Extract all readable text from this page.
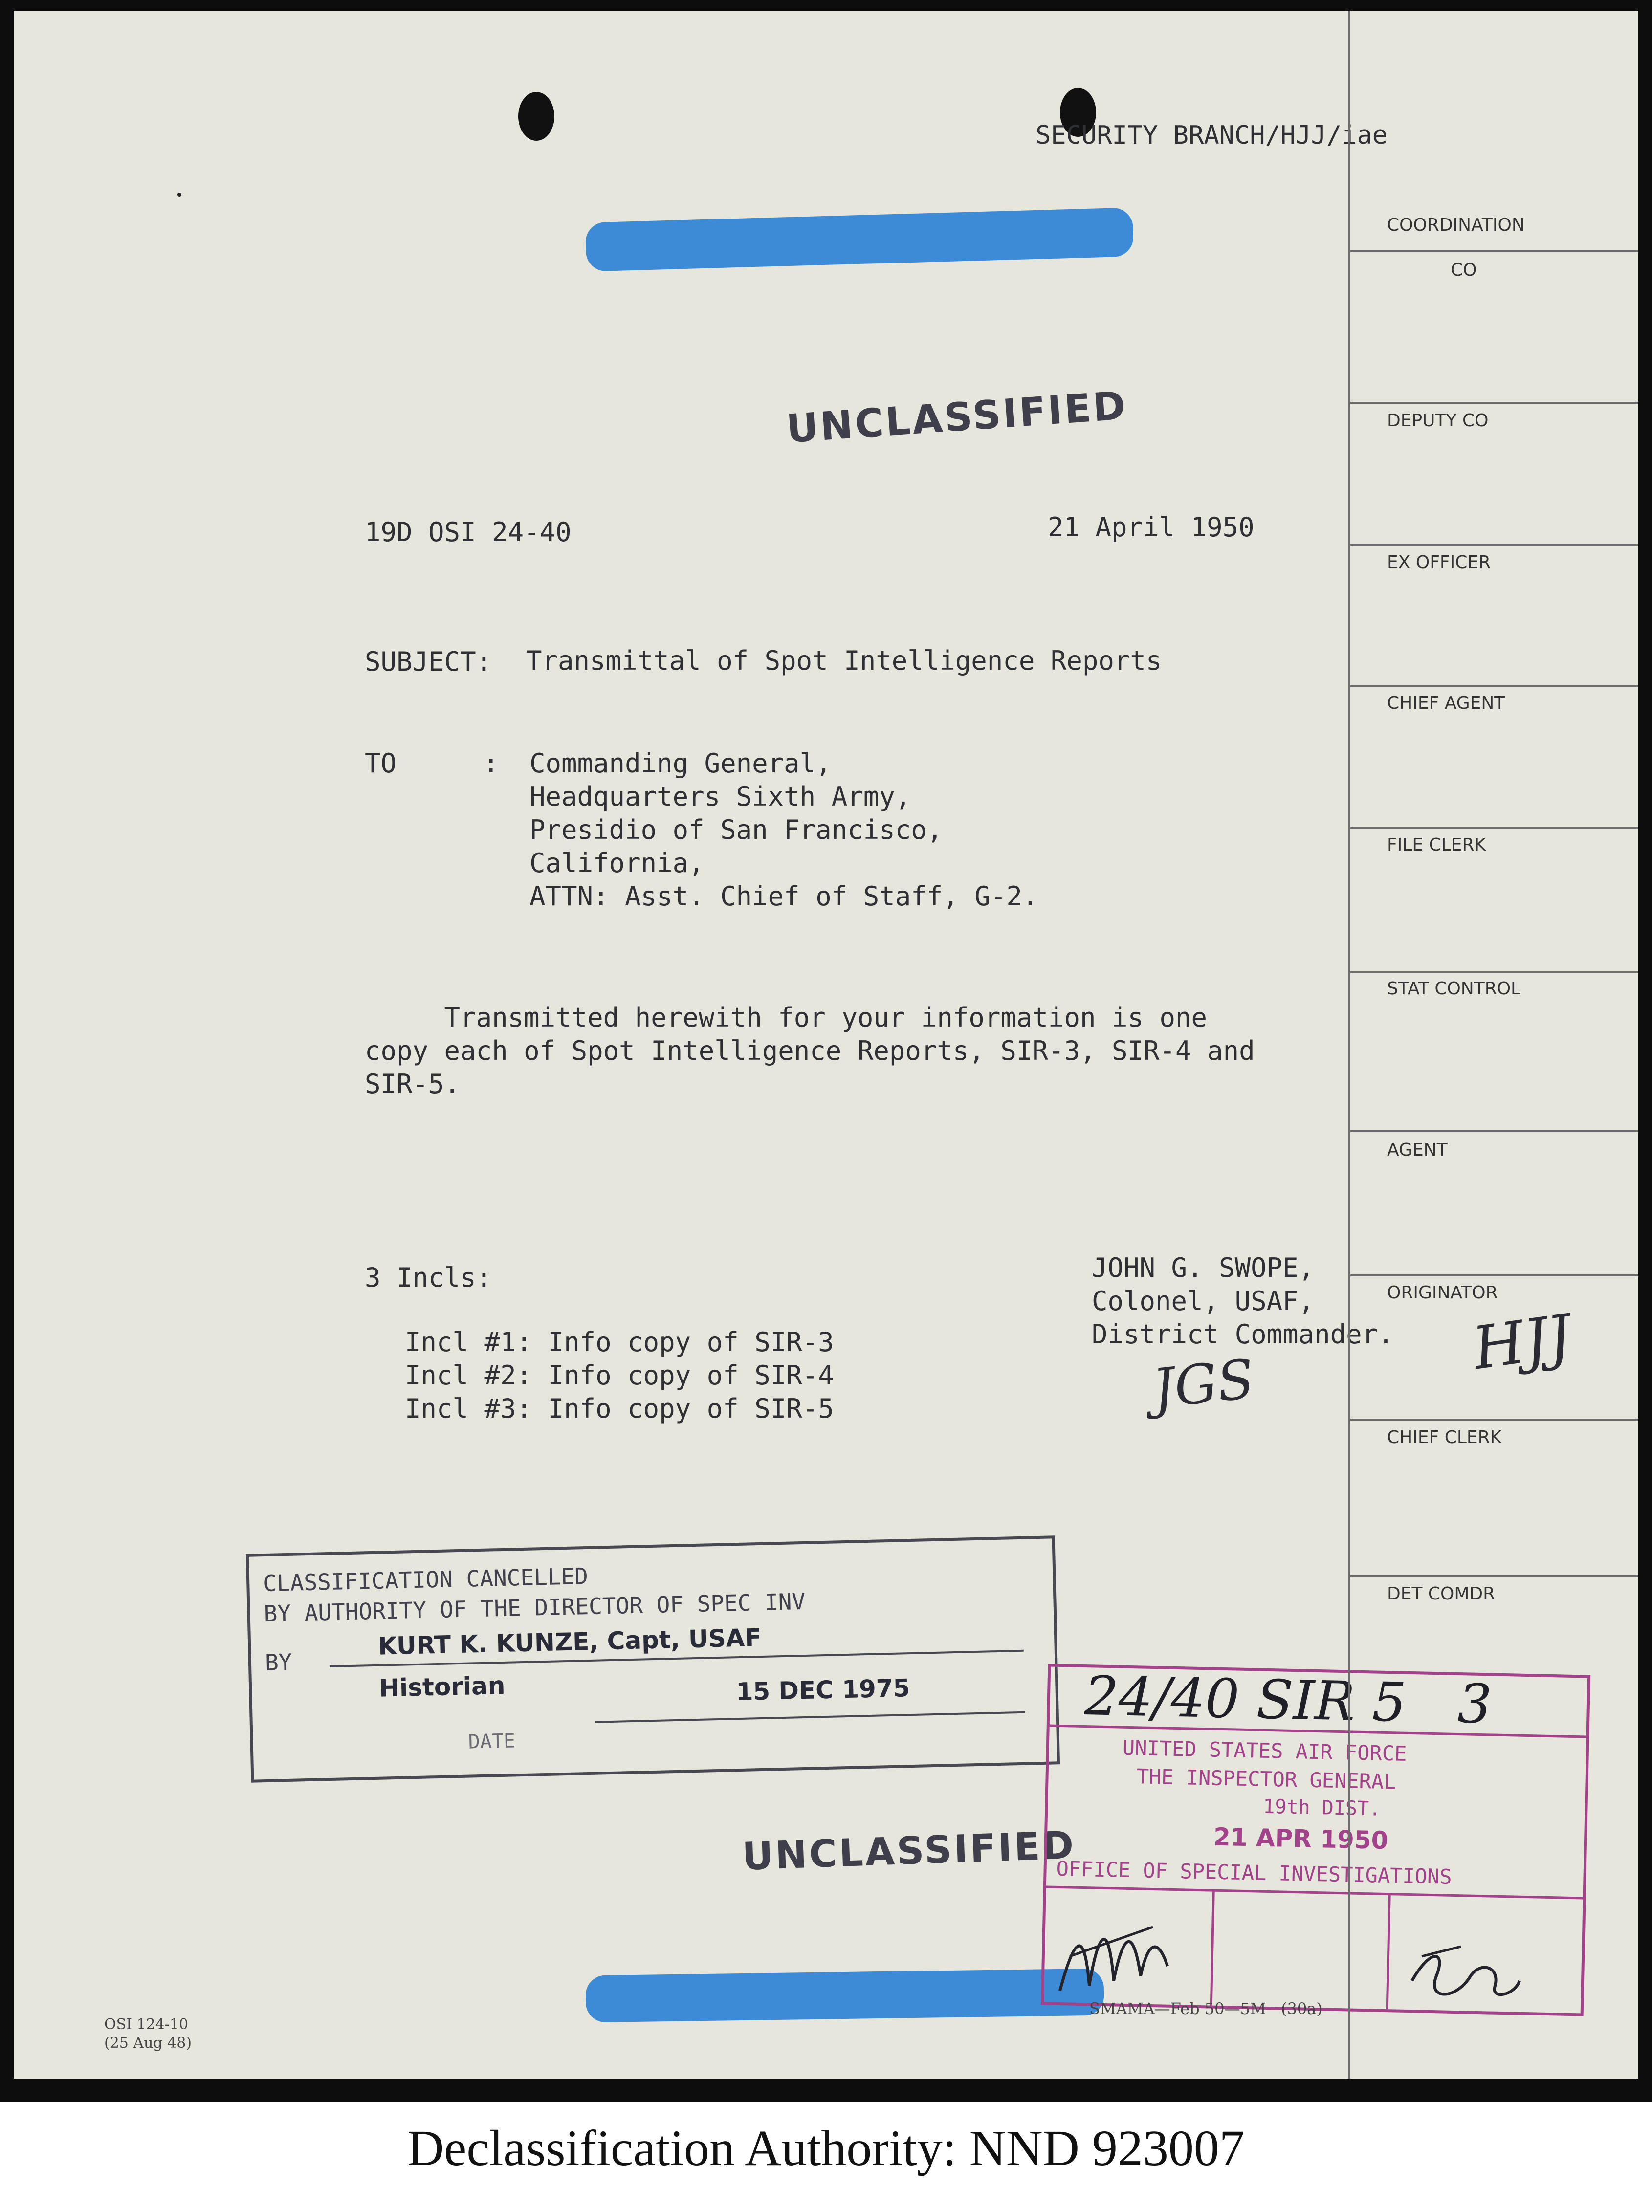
SECURITY BRANCH/HJJ/iae
UNCLASSIFIED
19D OSI 24-40	21 April 1950
SUBJECT: Transmittal of Spot Intelligence Reports
TO	: Commanding General,
Headquarters Sixth Army,
Presidio of San Francisco,
California,
ATTN: Asst. Chief of Staff, G-2.
Transmitted herewith for your information is one
copy each of Spot Intelligence Reports, SIR-3, SIR-4 and
SIR-5.
3 Incls:
Incl #1: Info copy of SIR-3
Incl #2: Info copy of SIR-4
Incl #3: Info copy of SIR-5
JOHN G. SWOPE,
Colonel, USAF,
District Commander.
JGS
HJJ
CLASSIFICATION CANCELLED
BY AUTHORITY OF THE DIRECTOR OF SPEC INV
BY
KURT K. KUNZE, Capt, USAF
Historian	15 DEC 1975
DATE
UNCLASSIFIED
24/40 SIR 5   3
UNITED STATES AIR FORCE
THE INSPECTOR GENERAL
19th DIST.
21 APR 1950
OFFICE OF SPECIAL INVESTIGATIONS
COORDINATION
CO
DEPUTY CO
EX OFFICER
CHIEF AGENT
FILE CLERK
STAT CONTROL
AGENT
ORIGINATOR
CHIEF CLERK
DET COMDR
OSI 124-10
(25 Aug 48)
SMAMA—Feb 50—5M   (30a)
Declassification Authority: NND 923007
